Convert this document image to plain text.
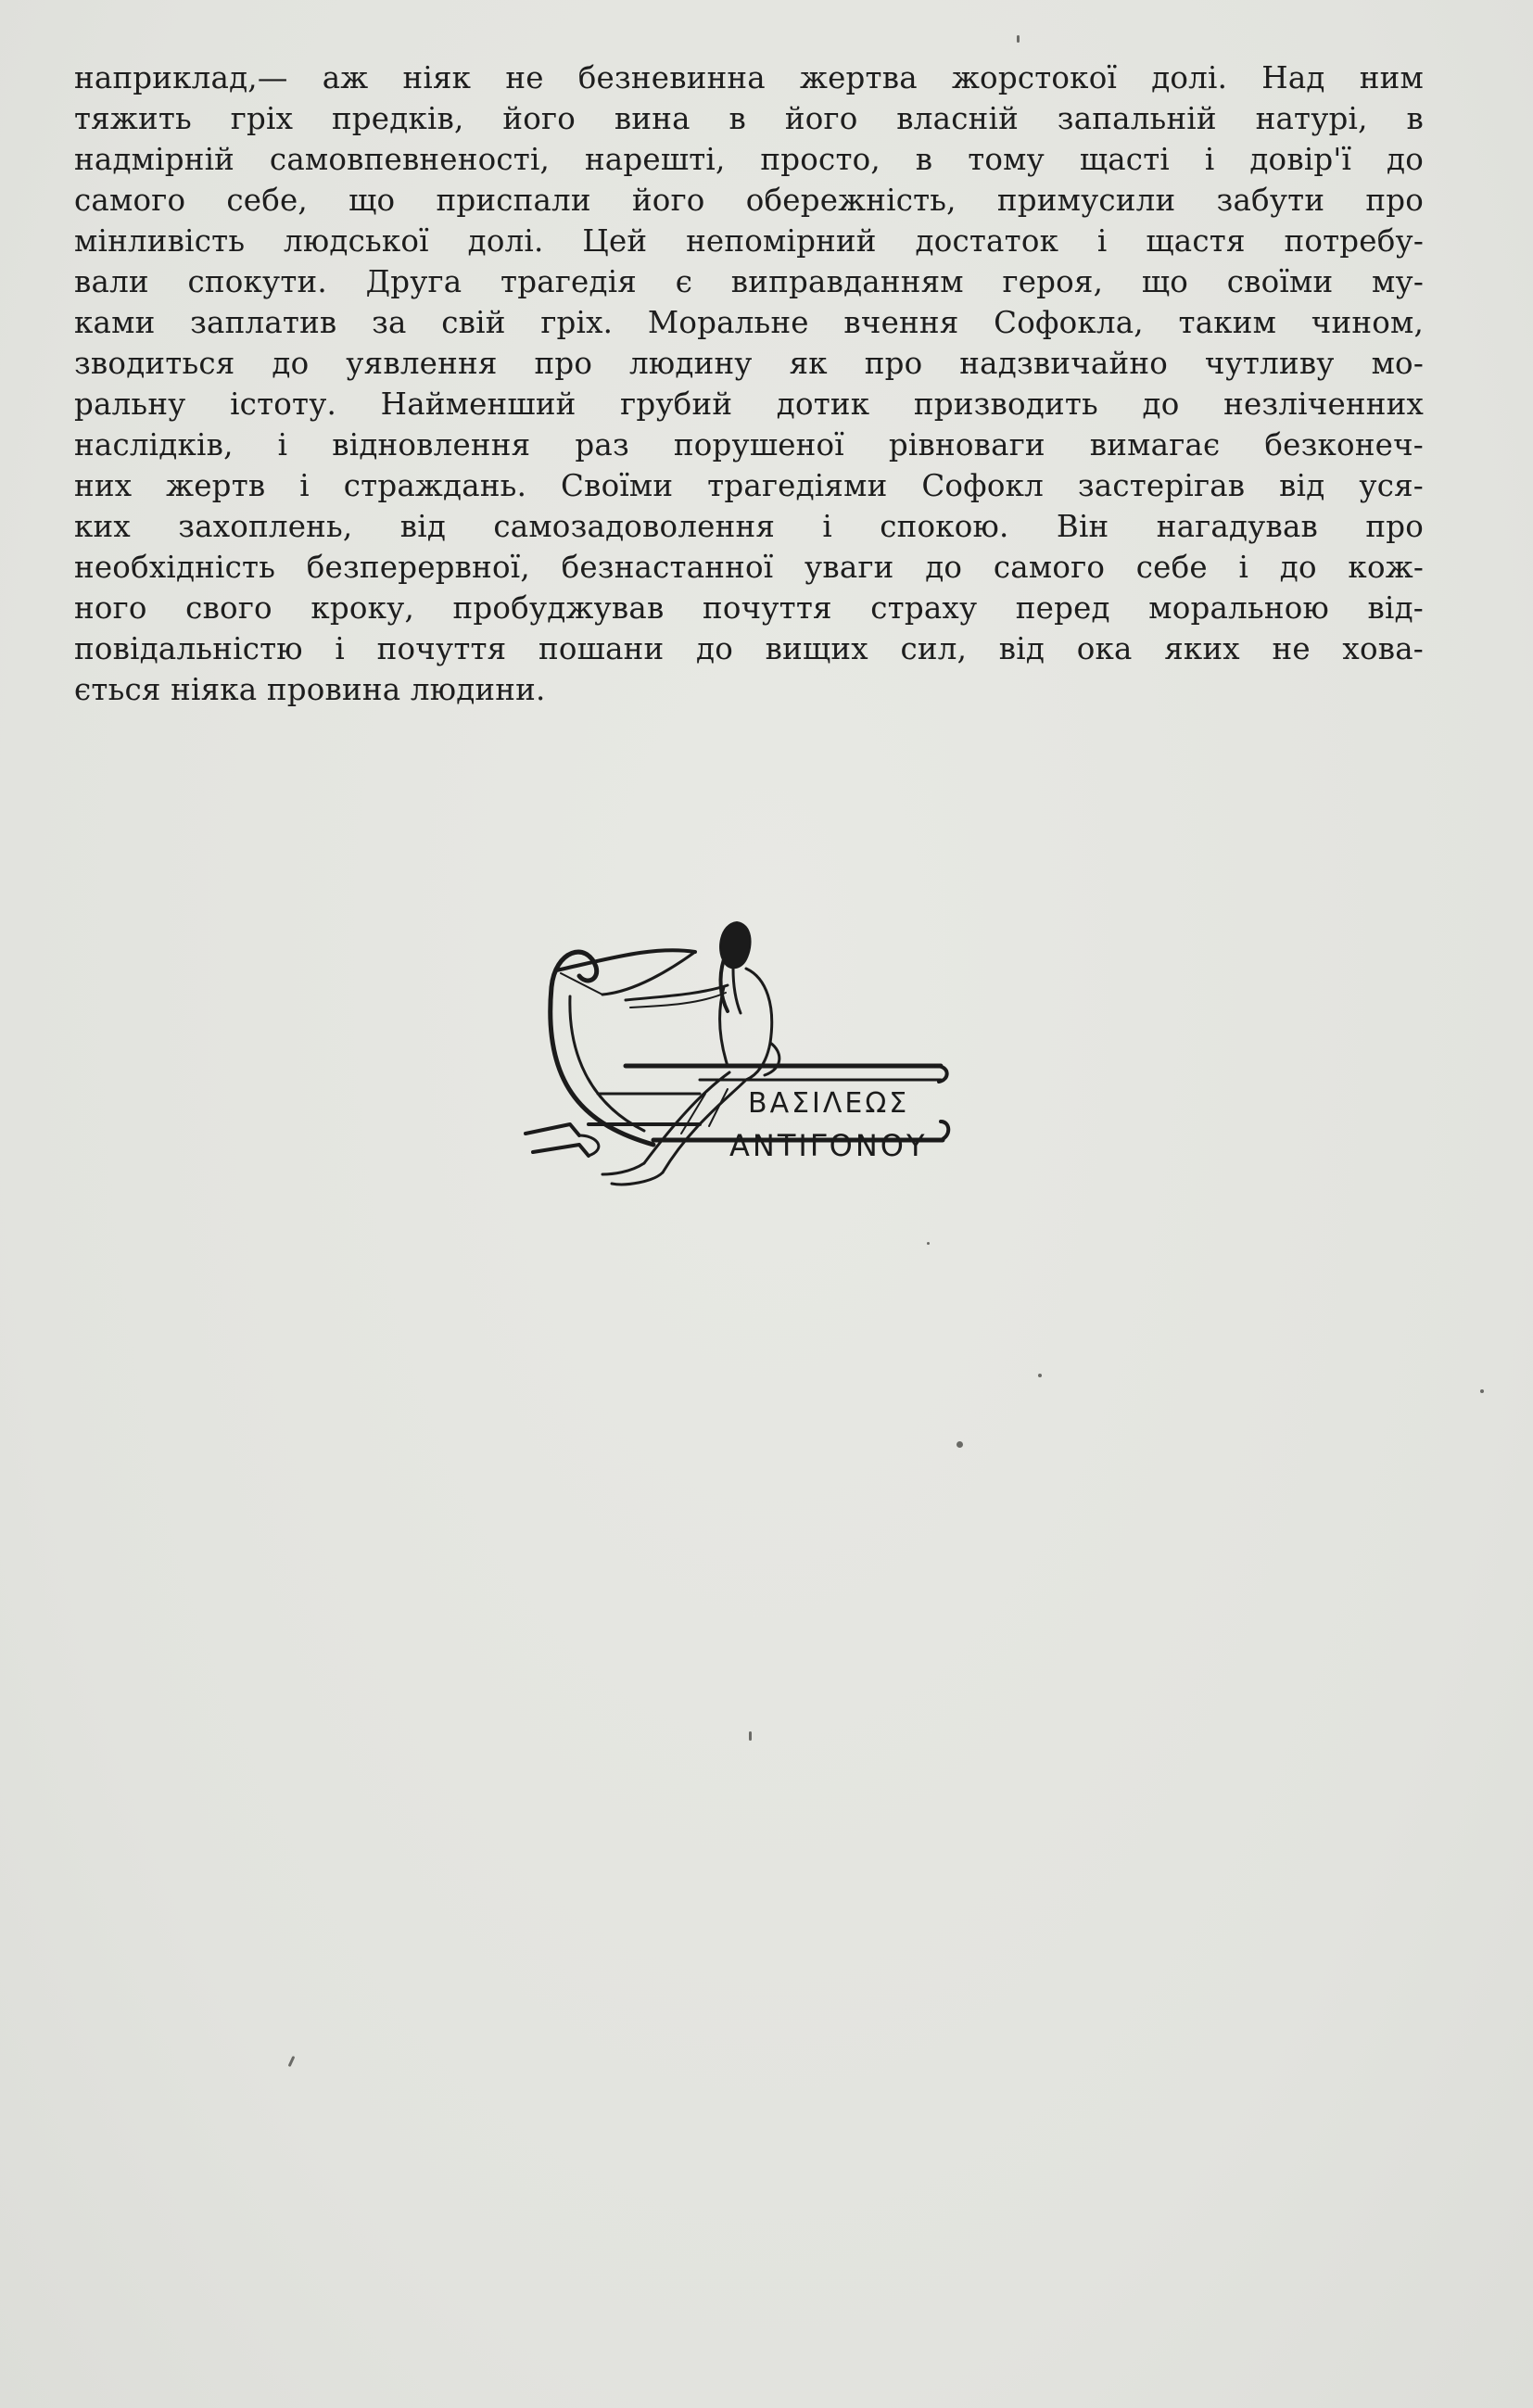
наприклад,— аж ніяк не безневинна жертва жорстокої долі. Над ним
тяжить гріх предків, його вина в його власній запальній натурі, в
надмірній самовпевненості, нарешті, просто, в тому щасті і довір'ї до
самого себе, що приспали його обережність, примусили забути про
мінливість людської долі. Цей непомірний достаток і щастя потребу-
вали спокути. Друга трагедія є виправданням героя, що своїми му-
ками заплатив за свій гріх. Моральне вчення Софокла, таким чином,
зводиться до уявлення про людину як про надзвичайно чутливу мо-
ральну істоту. Найменший грубий дотик призводить до незліченних
наслідків, і відновлення раз порушеної рівноваги вимагає безконеч-
них жертв і страждань. Своїми трагедіями Софокл застерігав від уся-
ких захоплень, від самозадоволення і спокою. Він нагадував про
необхідність безперервної, безнастанної уваги до самого себе і до кож-
ного свого кроку, пробуджував почуття страху перед моральною від-
повідальністю і почуття пошани до вищих сил, від ока яких не хова-
ється ніяка провина людини.
ΒΑΣΙΛΕΩΣ
ΑΝΤΙΓΟΝΟΥ
